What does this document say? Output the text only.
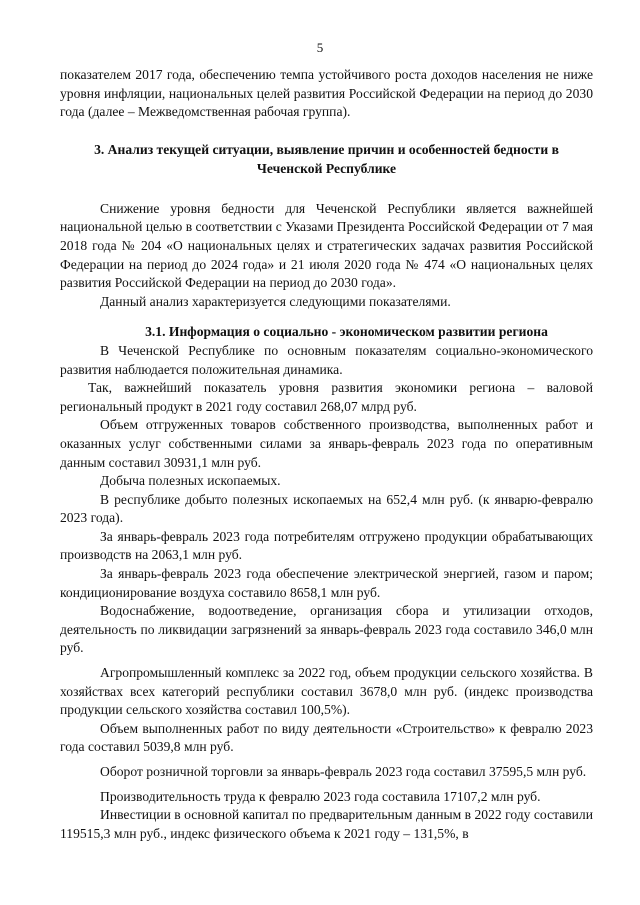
5

показателем 2017 года, обеспечению темпа устойчивого роста доходов населения не ниже уровня инфляции, национальных целей развития Российской Федерации на период до 2030 года (далее – Межведомственная рабочая группа).

3. Анализ текущей ситуации, выявление причин и особенностей бедности в Чеченской Республике

Снижение уровня бедности для Чеченской Республики является важнейшей национальной целью в соответствии с Указами Президента Российской Федерации от 7 мая 2018 года № 204 «О национальных целях и стратегических задачах развития Российской Федерации на период до 2024 года» и 21 июля 2020 года № 474 «О национальных целях развития Российской Федерации на период до 2030 года».

Данный анализ характеризуется следующими показателями.

3.1. Информация о социально - экономическом развитии региона

В Чеченской Республике по основным показателям социально-экономического развития наблюдается положительная динамика.

Так, важнейший показатель уровня развития экономики региона – валовой региональный продукт в 2021 году составил 268,07 млрд руб.

Объем отгруженных товаров собственного производства, выполненных работ и оказанных услуг собственными силами за январь-февраль 2023 года по оперативным данным составил 30931,1 млн руб.

Добыча полезных ископаемых.

В республике добыто полезных ископаемых на 652,4 млн руб. (к январю-февралю 2023 года).

За январь-февраль 2023 года потребителям отгружено продукции обрабатывающих производств на 2063,1 млн руб.

За январь-февраль 2023 года обеспечение электрической энергией, газом и паром; кондиционирование воздуха составило 8658,1 млн руб.

Водоснабжение, водоотведение, организация сбора и утилизации отходов, деятельность по ликвидации загрязнений за январь-февраль 2023 года составило 346,0 млн руб.

Агропромышленный комплекс за 2022 год, объем продукции сельского хозяйства. В хозяйствах всех категорий республики составил 3678,0 млн руб. (индекс производства продукции сельского хозяйства составил 100,5%).

Объем выполненных работ по виду деятельности «Строительство» к февралю 2023 года составил 5039,8 млн руб.

Оборот розничной торговли за январь-февраль 2023 года составил 37595,5 млн руб.

Производительность труда к февралю 2023 года составила 17107,2 млн руб.

Инвестиции в основной капитал по предварительным данным в 2022 году составили 119515,3 млн руб., индекс физического объема к 2021 году – 131,5%, в
